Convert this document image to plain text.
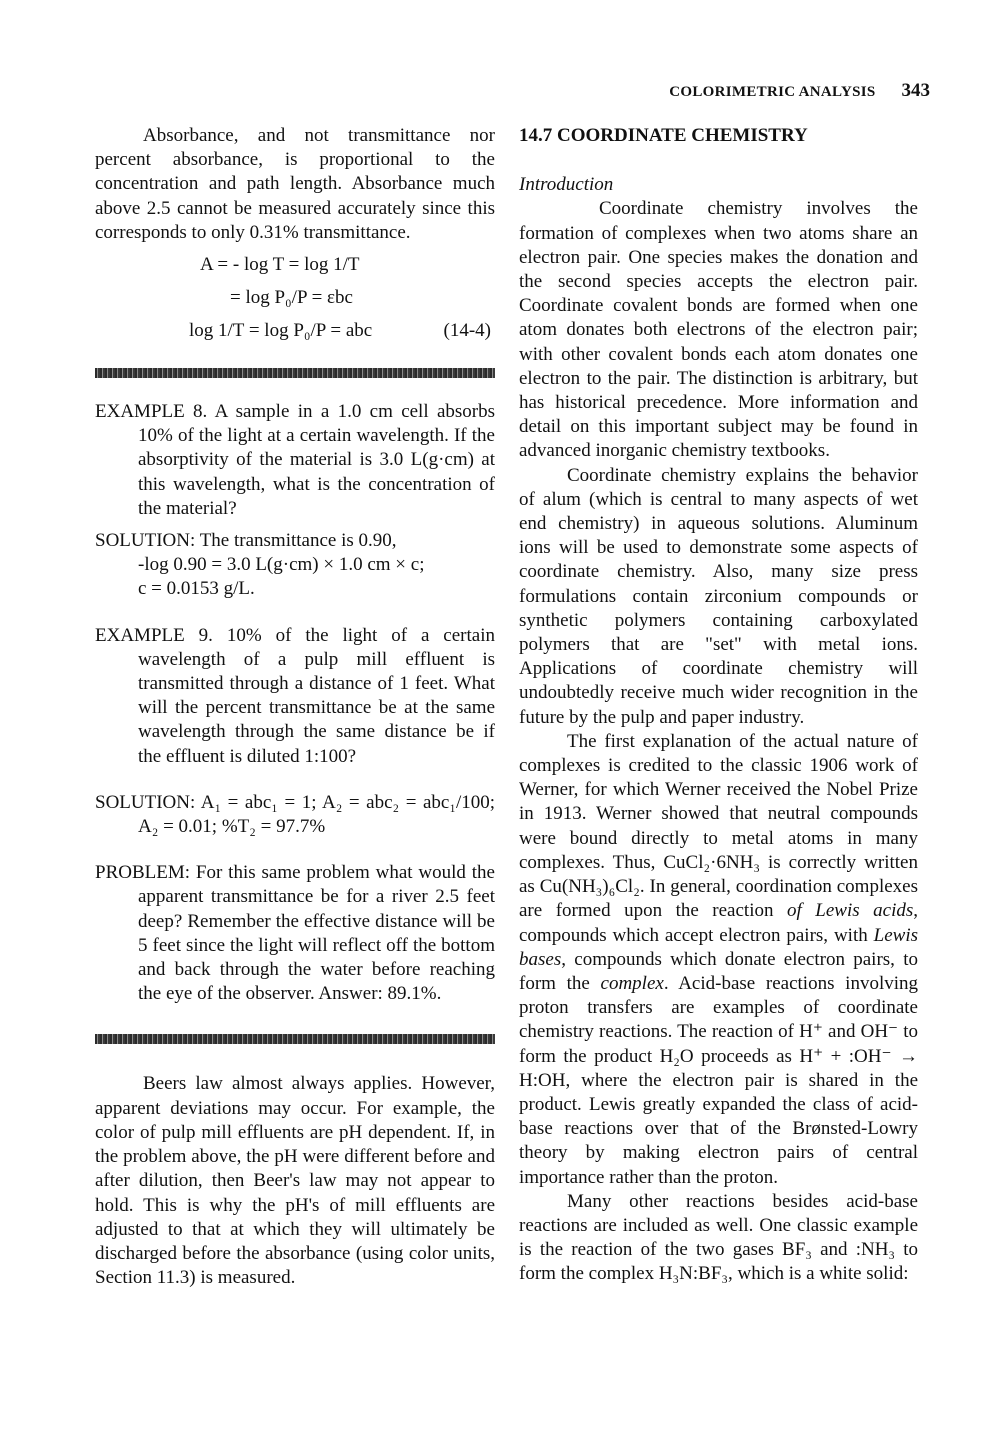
COLORIMETRIC ANALYSIS 343

Absorbance, and not transmittance nor percent absorbance, is proportional to the concentration and path length. Absorbance much above 2.5 cannot be measured accurately since this corresponds to only 0.31% transmittance.

A = - log T = log 1/T
= log P₀/P = εbc
log 1/T = log P₀/P = abc	(14-4)

EXAMPLE 8. A sample in a 1.0 cm cell absorbs 10% of the light at a certain wavelength. If the absorptivity of the material is 3.0 L(g·cm) at this wavelength, what is the concentration of the material?

SOLUTION: The transmittance is 0.90,

-log 0.90 = 3.0 L(g·cm) × 1.0 cm × c;

c = 0.0153 g/L.

EXAMPLE 9. 10% of the light of a certain wavelength of a pulp mill effluent is transmitted through a distance of 1 feet. What will the percent transmittance be at the same wavelength through the same distance be if the effluent is diluted 1:100?

SOLUTION: A₁ = abc₁ = 1; A₂ = abc₂ = abc₁/100; A₂ = 0.01; %T₂ = 97.7%

PROBLEM: For this same problem what would the apparent transmittance be for a river 2.5 feet deep? Remember the effective distance will be 5 feet since the light will reflect off the bottom and back through the water before reaching the eye of the observer. Answer: 89.1%.

Beers law almost always applies. However, apparent deviations may occur. For example, the color of pulp mill effluents are pH dependent. If, in the problem above, the pH were different before and after dilution, then Beer's law may not appear to hold. This is why the pH's of mill effluents are adjusted to that at which they will ultimately be discharged before the absorbance (using color units, Section 11.3) is measured.

14.7 COORDINATE CHEMISTRY

Introduction

Coordinate chemistry involves the formation of complexes when two atoms share an electron pair. One species makes the donation and the second species accepts the electron pair. Coordinate covalent bonds are formed when one atom donates both electrons of the electron pair; with other covalent bonds each atom donates one electron to the pair. The distinction is arbitrary, but has historical precedence. More information and detail on this important subject may be found in advanced inorganic chemistry textbooks.

Coordinate chemistry explains the behavior of alum (which is central to many aspects of wet end chemistry) in aqueous solutions. Aluminum ions will be used to demonstrate some aspects of coordinate chemistry. Also, many size press formulations contain zirconium compounds or synthetic polymers containing carboxylated polymers that are "set" with metal ions. Applications of coordinate chemistry will undoubtedly receive much wider recognition in the future by the pulp and paper industry.

The first explanation of the actual nature of complexes is credited to the classic 1906 work of Werner, for which Werner received the Nobel Prize in 1913. Werner showed that neutral compounds were bound directly to metal atoms in many complexes. Thus, CuCl₂·6NH₃ is correctly written as Cu(NH₃)₆Cl₂. In general, coordination complexes are formed upon the reaction of Lewis acids, compounds which accept electron pairs, with Lewis bases, compounds which donate electron pairs, to form the complex. Acid-base reactions involving proton transfers are examples of coordinate chemistry reactions. The reaction of H⁺ and OH⁻ to form the product H₂O proceeds as H⁺ + :OH⁻ → H:OH, where the electron pair is shared in the product. Lewis greatly expanded the class of acid-base reactions over that of the Brønsted-Lowry theory by making electron pairs of central importance rather than the proton.

Many other reactions besides acid-base reactions are included as well. One classic example is the reaction of the two gases BF₃ and :NH₃ to form the complex H₃N:BF₃, which is a white solid:
